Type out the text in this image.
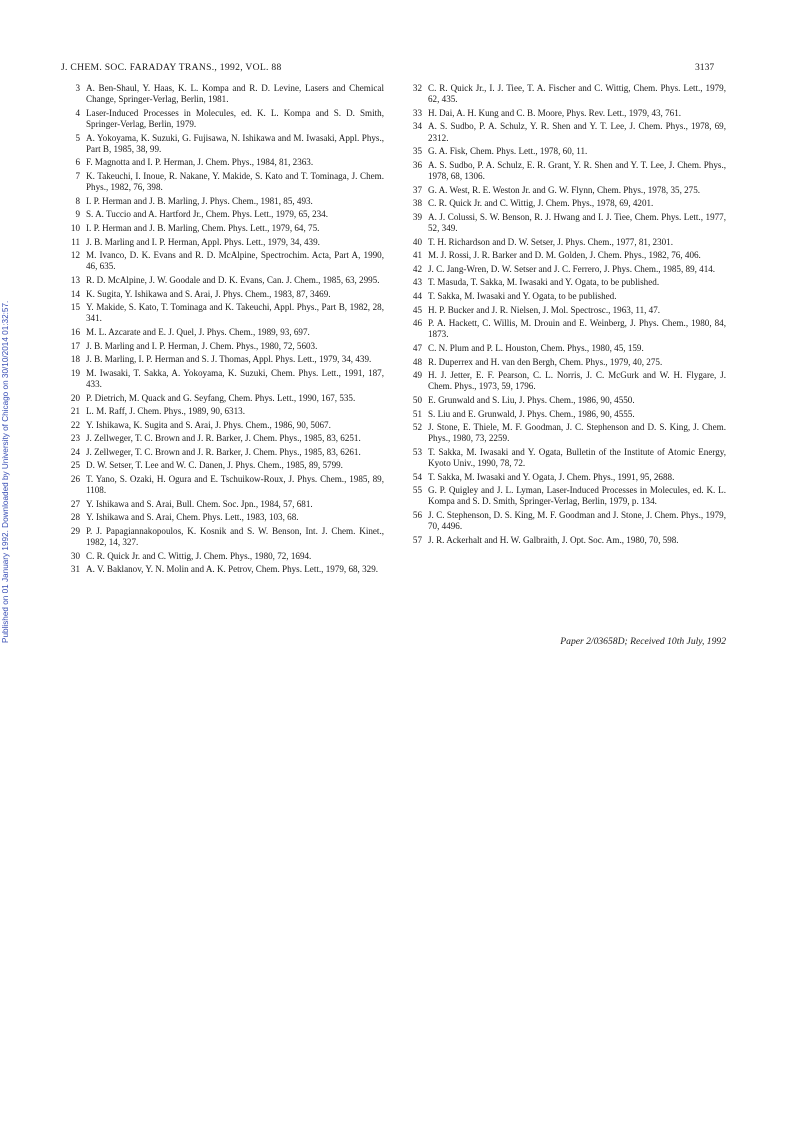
J. CHEM. SOC. FARADAY TRANS., 1992, VOL. 88	3137
Published on 01 January 1992. Downloaded by University of Chicago on 30/10/2014 01:32:57.
3 A. Ben-Shaul, Y. Haas, K. L. Kompa and R. D. Levine, Lasers and Chemical Change, Springer-Verlag, Berlin, 1981.
4 Laser-Induced Processes in Molecules, ed. K. L. Kompa and S. D. Smith, Springer-Verlag, Berlin, 1979.
5 A. Yokoyama, K. Suzuki, G. Fujisawa, N. Ishikawa and M. Iwasaki, Appl. Phys., Part B, 1985, 38, 99.
6 F. Magnotta and I. P. Herman, J. Chem. Phys., 1984, 81, 2363.
7 K. Takeuchi, I. Inoue, R. Nakane, Y. Makide, S. Kato and T. Tominaga, J. Chem. Phys., 1982, 76, 398.
8 I. P. Herman and J. B. Marling, J. Phys. Chem., 1981, 85, 493.
9 S. A. Tuccio and A. Hartford Jr., Chem. Phys. Lett., 1979, 65, 234.
10 I. P. Herman and J. B. Marling, Chem. Phys. Lett., 1979, 64, 75.
11 J. B. Marling and I. P. Herman, Appl. Phys. Lett., 1979, 34, 439.
12 M. Ivanco, D. K. Evans and R. D. McAlpine, Spectrochim. Acta, Part A, 1990, 46, 635.
13 R. D. McAlpine, J. W. Goodale and D. K. Evans, Can. J. Chem., 1985, 63, 2995.
14 K. Sugita, Y. Ishikawa and S. Arai, J. Phys. Chem., 1983, 87, 3469.
15 Y. Makide, S. Kato, T. Tominaga and K. Takeuchi, Appl. Phys., Part B, 1982, 28, 341.
16 M. L. Azcarate and E. J. Quel, J. Phys. Chem., 1989, 93, 697.
17 J. B. Marling and I. P. Herman, J. Chem. Phys., 1980, 72, 5603.
18 J. B. Marling, I. P. Herman and S. J. Thomas, Appl. Phys. Lett., 1979, 34, 439.
19 M. Iwasaki, T. Sakka, A. Yokoyama, K. Suzuki, Chem. Phys. Lett., 1991, 187, 433.
20 P. Dietrich, M. Quack and G. Seyfang, Chem. Phys. Lett., 1990, 167, 535.
21 L. M. Raff, J. Chem. Phys., 1989, 90, 6313.
22 Y. Ishikawa, K. Sugita and S. Arai, J. Phys. Chem., 1986, 90, 5067.
23 J. Zellweger, T. C. Brown and J. R. Barker, J. Chem. Phys., 1985, 83, 6251.
24 J. Zellweger, T. C. Brown and J. R. Barker, J. Chem. Phys., 1985, 83, 6261.
25 D. W. Setser, T. Lee and W. C. Danen, J. Phys. Chem., 1985, 89, 5799.
26 T. Yano, S. Ozaki, H. Ogura and E. Tschuikow-Roux, J. Phys. Chem., 1985, 89, 1108.
27 Y. Ishikawa and S. Arai, Bull. Chem. Soc. Jpn., 1984, 57, 681.
28 Y. Ishikawa and S. Arai, Chem. Phys. Lett., 1983, 103, 68.
29 P. J. Papagiannakopoulos, K. Kosnik and S. W. Benson, Int. J. Chem. Kinet., 1982, 14, 327.
30 C. R. Quick Jr. and C. Wittig, J. Chem. Phys., 1980, 72, 1694.
31 A. V. Baklanov, Y. N. Molin and A. K. Petrov, Chem. Phys. Lett., 1979, 68, 329.
32 C. R. Quick Jr., I. J. Tiee, T. A. Fischer and C. Wittig, Chem. Phys. Lett., 1979, 62, 435.
33 H. Dai, A. H. Kung and C. B. Moore, Phys. Rev. Lett., 1979, 43, 761.
34 A. S. Sudbo, P. A. Schulz, Y. R. Shen and Y. T. Lee, J. Chem. Phys., 1978, 69, 2312.
35 G. A. Fisk, Chem. Phys. Lett., 1978, 60, 11.
36 A. S. Sudbo, P. A. Schulz, E. R. Grant, Y. R. Shen and Y. T. Lee, J. Chem. Phys., 1978, 68, 1306.
37 G. A. West, R. E. Weston Jr. and G. W. Flynn, Chem. Phys., 1978, 35, 275.
38 C. R. Quick Jr. and C. Wittig, J. Chem. Phys., 1978, 69, 4201.
39 A. J. Colussi, S. W. Benson, R. J. Hwang and I. J. Tiee, Chem. Phys. Lett., 1977, 52, 349.
40 T. H. Richardson and D. W. Setser, J. Phys. Chem., 1977, 81, 2301.
41 M. J. Rossi, J. R. Barker and D. M. Golden, J. Chem. Phys., 1982, 76, 406.
42 J. C. Jang-Wren, D. W. Setser and J. C. Ferrero, J. Phys. Chem., 1985, 89, 414.
43 T. Masuda, T. Sakka, M. Iwasaki and Y. Ogata, to be published.
44 T. Sakka, M. Iwasaki and Y. Ogata, to be published.
45 H. P. Bucker and J. R. Nielsen, J. Mol. Spectrosc., 1963, 11, 47.
46 P. A. Hackett, C. Willis, M. Drouin and E. Weinberg, J. Phys. Chem., 1980, 84, 1873.
47 C. N. Plum and P. L. Houston, Chem. Phys., 1980, 45, 159.
48 R. Duperrex and H. van den Bergh, Chem. Phys., 1979, 40, 275.
49 H. J. Jetter, E. F. Pearson, C. L. Norris, J. C. McGurk and W. H. Flygare, J. Chem. Phys., 1973, 59, 1796.
50 E. Grunwald and S. Liu, J. Phys. Chem., 1986, 90, 4550.
51 S. Liu and E. Grunwald, J. Phys. Chem., 1986, 90, 4555.
52 J. Stone, E. Thiele, M. F. Goodman, J. C. Stephenson and D. S. King, J. Chem. Phys., 1980, 73, 2259.
53 T. Sakka, M. Iwasaki and Y. Ogata, Bulletin of the Institute of Atomic Energy, Kyoto Univ., 1990, 78, 72.
54 T. Sakka, M. Iwasaki and Y. Ogata, J. Chem. Phys., 1991, 95, 2688.
55 G. P. Quigley and J. L. Lyman, Laser-Induced Processes in Molecules, ed. K. L. Kompa and S. D. Smith, Springer-Verlag, Berlin, 1979, p. 134.
56 J. C. Stephenson, D. S. King, M. F. Goodman and J. Stone, J. Chem. Phys., 1979, 70, 4496.
57 J. R. Ackerhalt and H. W. Galbraith, J. Opt. Soc. Am., 1980, 70, 598.
Paper 2/03658D; Received 10th July, 1992
